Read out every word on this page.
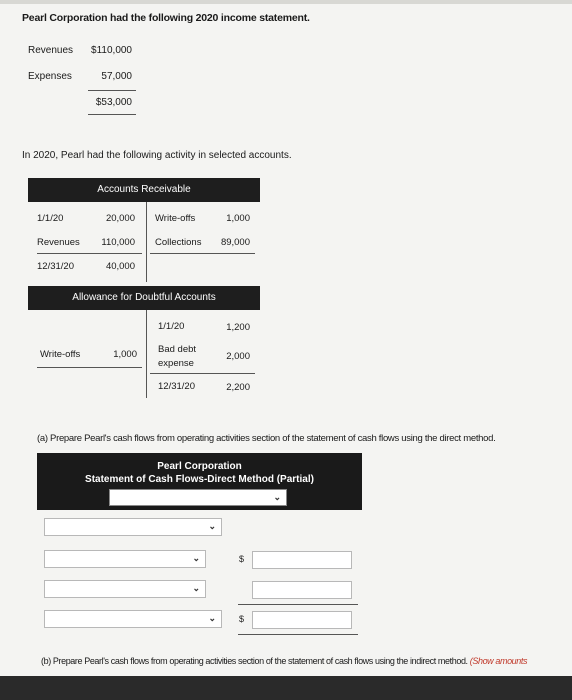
Pearl Corporation had the following 2020 income statement.
Revenues	$110,000
Expenses	57,000
$53,000
In 2020, Pearl had the following activity in selected accounts.
Accounts Receivable
1/1/20	20,000
Revenues	110,000
12/31/20	40,000
Write-offs	1,000
Collections	89,000
Allowance for Doubtful Accounts
Write-offs	1,000
1/1/20	1,200
Bad debt
expense
2,000
12/31/20	2,200
(a) Prepare Pearl's cash flows from operating activities section of the statement of cash flows using the direct method.
Pearl Corporation
Statement of Cash Flows-Direct Method (Partial)
⌄
⌄
⌄	$
⌄
⌄	$
(b) Prepare Pearl's cash flows from operating activities section of the statement of cash flows using the indirect method. (Show amounts
